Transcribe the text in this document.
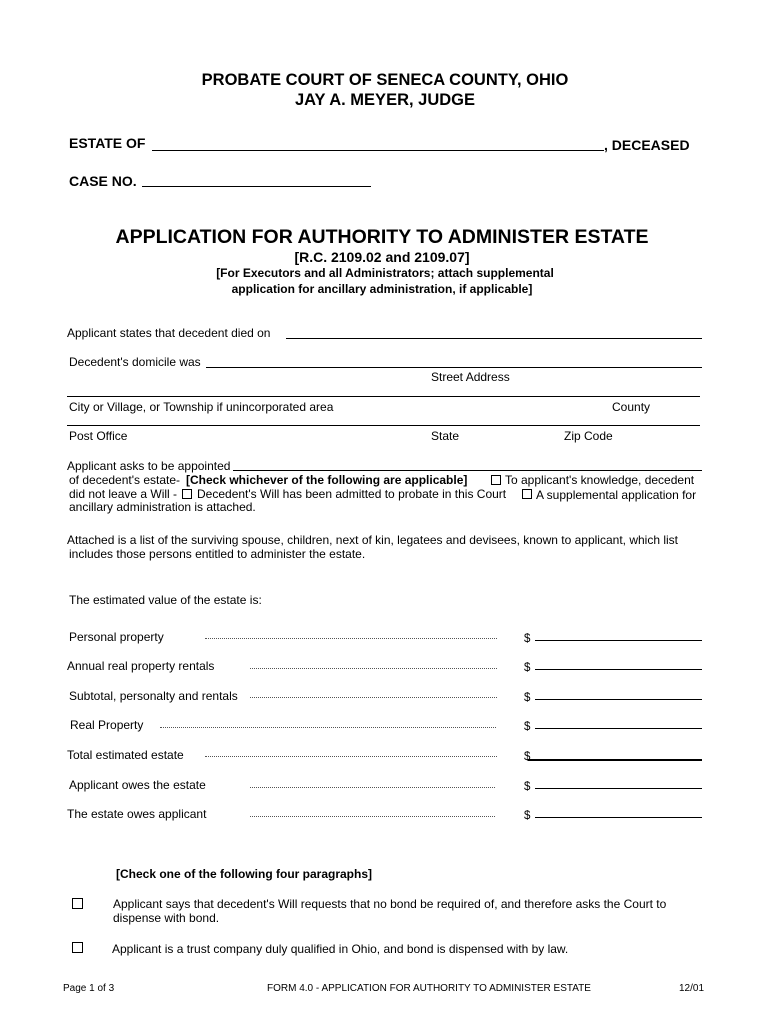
PROBATE COURT OF SENECA COUNTY, OHIO
JAY A. MEYER, JUDGE
ESTATE OF	, DECEASED
CASE NO.
APPLICATION FOR AUTHORITY TO ADMINISTER ESTATE
[R.C. 2109.02 and 2109.07]
[For Executors and all Administrators; attach supplemental
application for ancillary administration, if applicable]
Applicant states that decedent died on
Decedent's domicile was
Street Address
City or Village, or Township if unincorporated area	County
Post Office	State	Zip Code
Applicant asks to be appointed
of decedent's estate- [Check whichever of the following are applicable]	To applicant's knowledge, decedent
did not leave a Will - Decedent's Will has been admitted to probate in this Court A supplemental application for
ancillary administration is attached.
Attached is a list of the surviving spouse, children, next of kin, legatees and devisees, known to applicant, which list
includes those persons entitled to administer the estate.
The estimated value of the estate is:
Personal property	$
Annual real property rentals	$
Subtotal, personalty and rentals	$
Real Property	$
Total estimated estate	$
Applicant owes the estate	$
The estate owes applicant	$
[Check one of the following four paragraphs]
Applicant says that decedent's Will requests that no bond be required of, and therefore asks the Court to
dispense with bond.
Applicant is a trust company duly qualified in Ohio, and bond is dispensed with by law.
Page 1 of 3	FORM 4.0 - APPLICATION FOR AUTHORITY TO ADMINISTER ESTATE	12/01
